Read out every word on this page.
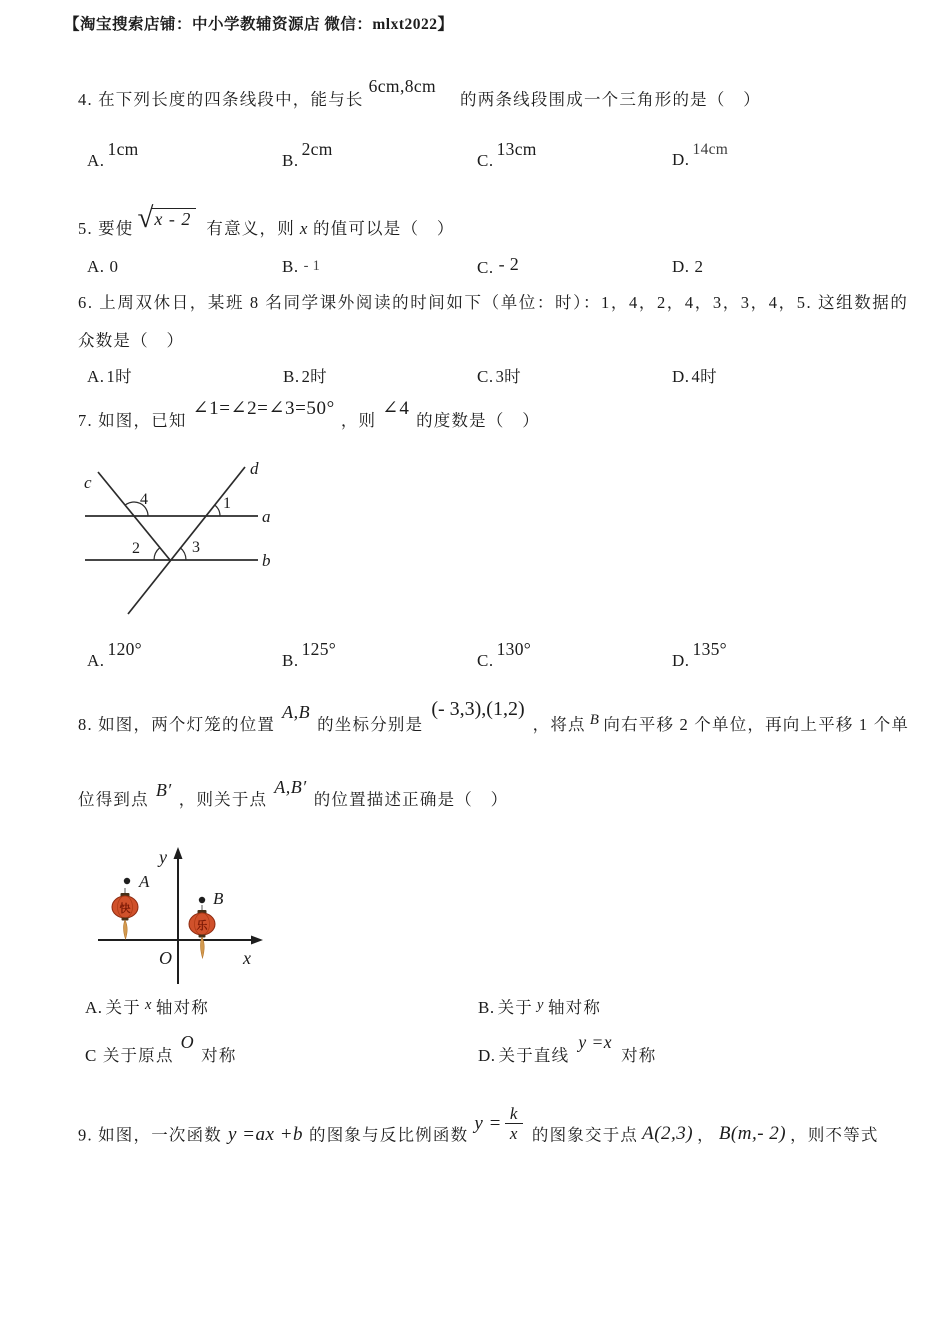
【淘宝搜索店铺：中小学教辅资源店 微信：mlxt2022】
4. 在下列长度的四条线段中，能与长6cm,8cm的两条线段围成一个三角形的是（　）
A.1cm
B.2cm
C.13cm
D.14cm
5. 要使 √ x - 2 有意义，则 x 的值可以是（　）
A. 0	B. - 1	C. - 2	D. 2
6. 上周双休日，某班 8 名同学课外阅读的时间如下（单位：时）：1，4，2，4，3，3，4，5. 这组数据的
众数是（　）
A. 1时	B. 2时	C. 3时	D. 4时
7. 如图，已知∠1=∠2=∠3=50°，则∠4的度数是（　）
c
d
a
b
4	1
2	3
A.120°
B.125°
C.130°
D.135°
8. 如图，两个灯笼的位置A,B的坐标分别是(- 3,3),(1,2)，将点 B 向右平移 2 个单位，再向上平移 1 个单
位得到点 B′ ，则关于点A,B′的位置描述正确是（　）
y
x
O
A
B
快
乐
A. 关于 x 轴对称	B. 关于 y 轴对称
C 关于原点O对称	D. 关于直线y =x对称
9. 如图，一次函数 y =ax +b 的图象与反比例函数
$y = \frac{k}{x}$ 的图象交于点 A(2,3) ， B(m,- 2) ，则不等式
